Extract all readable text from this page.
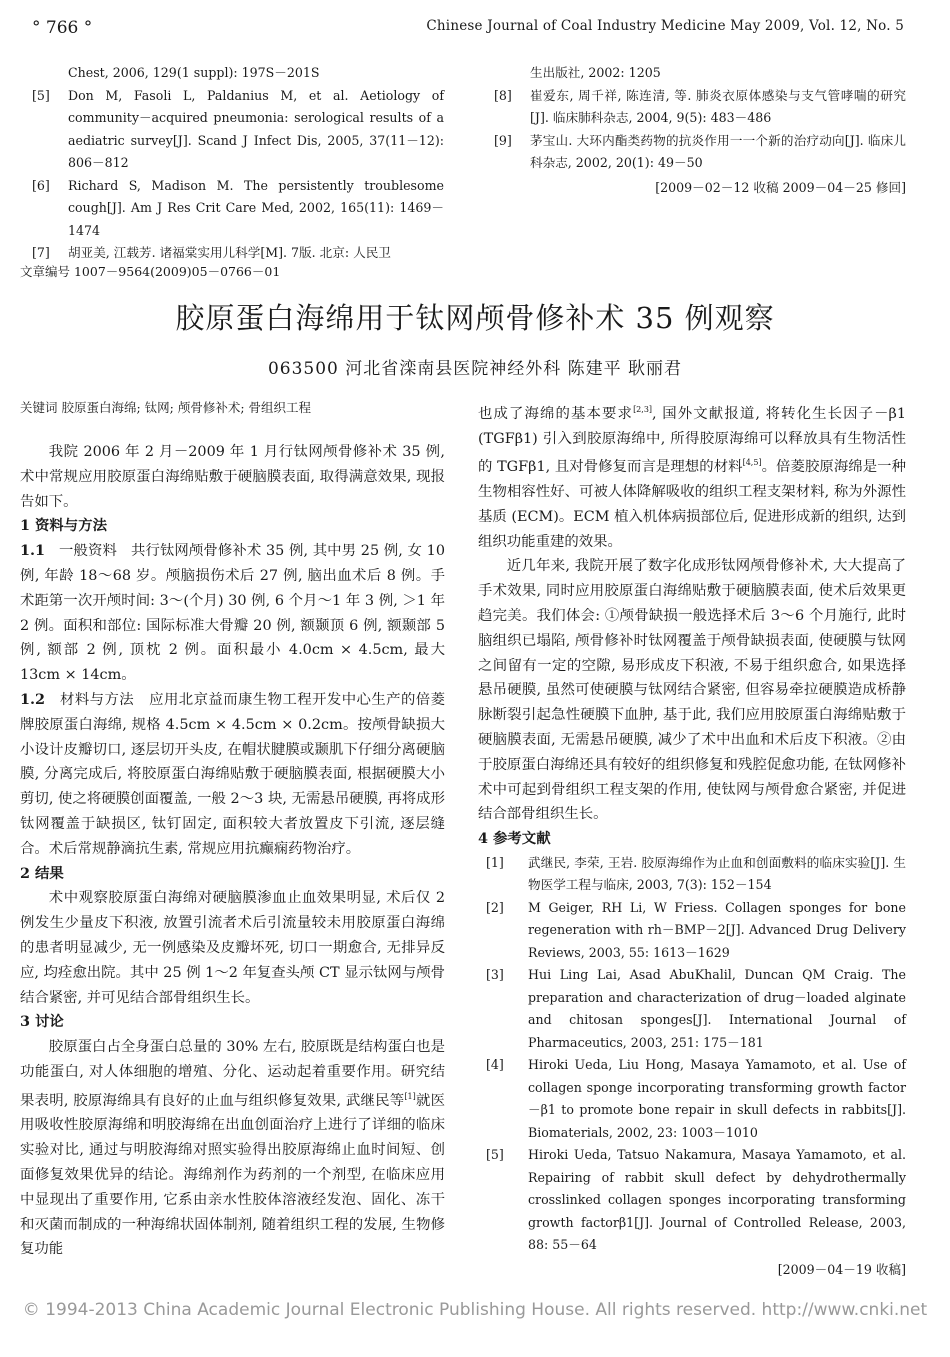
° 766 °	Chinese Journal of Coal Industry Medicine May 2009, Vol. 12, No. 5
Chest, 2006, 129(1 suppl): 197S－201S
[5] Don M, Fasoli L, Paldanius M, et al. Aetiology of community－acquired pneumonia: serological results of a aediatric survey[J]. Scand J Infect Dis, 2005, 37(11－12): 806－812
[6] Richard S, Madison M. The persistently troublesome cough[J]. Am J Res Crit Care Med, 2002, 165(11): 1469－1474
[7] 胡亚美, 江载芳. 诸福棠实用儿科学[M]. 7版. 北京: 人民卫
生出版社, 2002: 1205
[8] 崔爱东, 周千祥, 陈连清, 等. 肺炎衣原体感染与支气管哮喘的研究[J]. 临床肺科杂志, 2004, 9(5): 483－486
[9] 茅宝山. 大环内酯类药物的抗炎作用一一个新的治疗动向[J]. 临床儿科杂志, 2002, 20(1): 49－50
[2009－02－12 收稿 2009－04－25 修回]
文章编号 1007－9564(2009)05－0766－01
胶原蛋白海绵用于钛网颅骨修补术 35 例观察
063500 河北省滦南县医院神经外科 陈建平 耿丽君
关键词 胶原蛋白海绵; 钛网; 颅骨修补术; 骨组织工程
我院 2006 年 2 月－2009 年 1 月行钛网颅骨修补术 35 例, 术中常规应用胶原蛋白海绵贴敷于硬脑膜表面, 取得满意效果, 现报告如下。
1 资料与方法
1.1 一般资料 共行钛网颅骨修补术 35 例, 其中男 25 例, 女 10 例, 年龄 18～68 岁。颅脑损伤术后 27 例, 脑出血术后 8 例。手术距第一次开颅时间: 3～(个月) 30 例, 6 个月～1 年 3 例, ＞1 年 2 例。面积和部位: 国际标准大骨瓣 20 例, 额颞顶 6 例, 额颞部 5 例, 额部 2 例, 顶枕 2 例。面积最小 4.0cm × 4.5cm, 最大 13cm × 14cm。
1.2 材料与方法 应用北京益而康生物工程开发中心生产的倍菱牌胶原蛋白海绵, 规格 4.5cm × 4.5cm × 0.2cm。按颅骨缺损大小设计皮瓣切口, 逐层切开头皮, 在帽状腱膜或颞肌下仔细分离硬脑膜, 分离完成后, 将胶原蛋白海绵贴敷于硬脑膜表面, 根据硬膜大小剪切, 使之将硬膜创面覆盖, 一般 2～3 块, 无需悬吊硬膜, 再将成形钛网覆盖于缺损区, 钛钉固定, 面积较大者放置皮下引流, 逐层缝合。术后常规静滴抗生素, 常规应用抗癫痫药物治疗。
2 结果
术中观察胶原蛋白海绵对硬脑膜渗血止血效果明显, 术后仅 2 例发生少量皮下积液, 放置引流者术后引流量较未用胶原蛋白海绵的患者明显减少, 无一例感染及皮瓣坏死, 切口一期愈合, 无排异反应, 均痊愈出院。其中 25 例 1～2 年复查头颅 CT 显示钛网与颅骨结合紧密, 并可见结合部骨组织生长。
3 讨论
胶原蛋白占全身蛋白总量的 30% 左右, 胶原既是结构蛋白也是功能蛋白, 对人体细胞的增殖、分化、运动起着重要作用。研究结果表明, 胶原海绵具有良好的止血与组织修复效果, 武继民等[1]就医用吸收性胶原海绵和明胶海绵在出血创面治疗上进行了详细的临床实验对比, 通过与明胶海绵对照实验得出胶原海绵止血时间短、创面修复效果优异的结论。海绵剂作为药剂的一个剂型, 在临床应用中显现出了重要作用, 它系由亲水性胶体溶液经发泡、固化、冻干和灭菌而制成的一种海绵状固体制剂, 随着组织工程的发展, 生物修复功能
也成了海绵的基本要求[2,3], 国外文献报道, 将转化生长因子－β1 (TGFβ1) 引入到胶原海绵中, 所得胶原海绵可以释放具有生物活性的 TGFβ1, 且对骨修复而言是理想的材料[4,5]。倍菱胶原海绵是一种生物相容性好、可被人体降解吸收的组织工程支架材料, 称为外源性基质 (ECM)。ECM 植入机体病损部位后, 促进形成新的组织, 达到组织功能重建的效果。
近几年来, 我院开展了数字化成形钛网颅骨修补术, 大大提高了手术效果, 同时应用胶原蛋白海绵贴敷于硬脑膜表面, 使术后效果更趋完美。我们体会: ①颅骨缺损一般选择术后 3～6 个月施行, 此时脑组织已塌陷, 颅骨修补时钛网覆盖于颅骨缺损表面, 使硬膜与钛网之间留有一定的空隙, 易形成皮下积液, 不易于组织愈合, 如果选择悬吊硬膜, 虽然可使硬膜与钛网结合紧密, 但容易牵拉硬膜造成桥静脉断裂引起急性硬膜下血肿, 基于此, 我们应用胶原蛋白海绵贴敷于硬脑膜表面, 无需悬吊硬膜, 减少了术中出血和术后皮下积液。②由于胶原蛋白海绵还具有较好的组织修复和残腔促愈功能, 在钛网修补术中可起到骨组织工程支架的作用, 使钛网与颅骨愈合紧密, 并促进结合部骨组织生长。
4 参考文献
[1] 武继民, 李荣, 王岩. 胶原海绵作为止血和创面敷料的临床实验[J]. 生物医学工程与临床, 2003, 7(3): 152－154
[2] M Geiger, RH Li, W Friess. Collagen sponges for bone regeneration with rh－BMP－2[J]. Advanced Drug Delivery Reviews, 2003, 55: 1613－1629
[3] Hui Ling Lai, Asad AbuKhalil, Duncan QM Craig. The preparation and characterization of drug－loaded alginate and chitosan sponges[J]. International Journal of Pharmaceutics, 2003, 251: 175－181
[4] Hiroki Ueda, Liu Hong, Masaya Yamamoto, et al. Use of collagen sponge incorporating transforming growth factor－β1 to promote bone repair in skull defects in rabbits[J]. Biomaterials, 2002, 23: 1003－1010
[5] Hiroki Ueda, Tatsuo Nakamura, Masaya Yamamoto, et al. Repairing of rabbit skull defect by dehydrothermally crosslinked collagen sponges incorporating transforming growth factorβ1[J]. Journal of Controlled Release, 2003, 88: 55－64
[2009－04－19 收稿]
© 1994-2013 China Academic Journal Electronic Publishing House. All rights reserved. http://www.cnki.net
